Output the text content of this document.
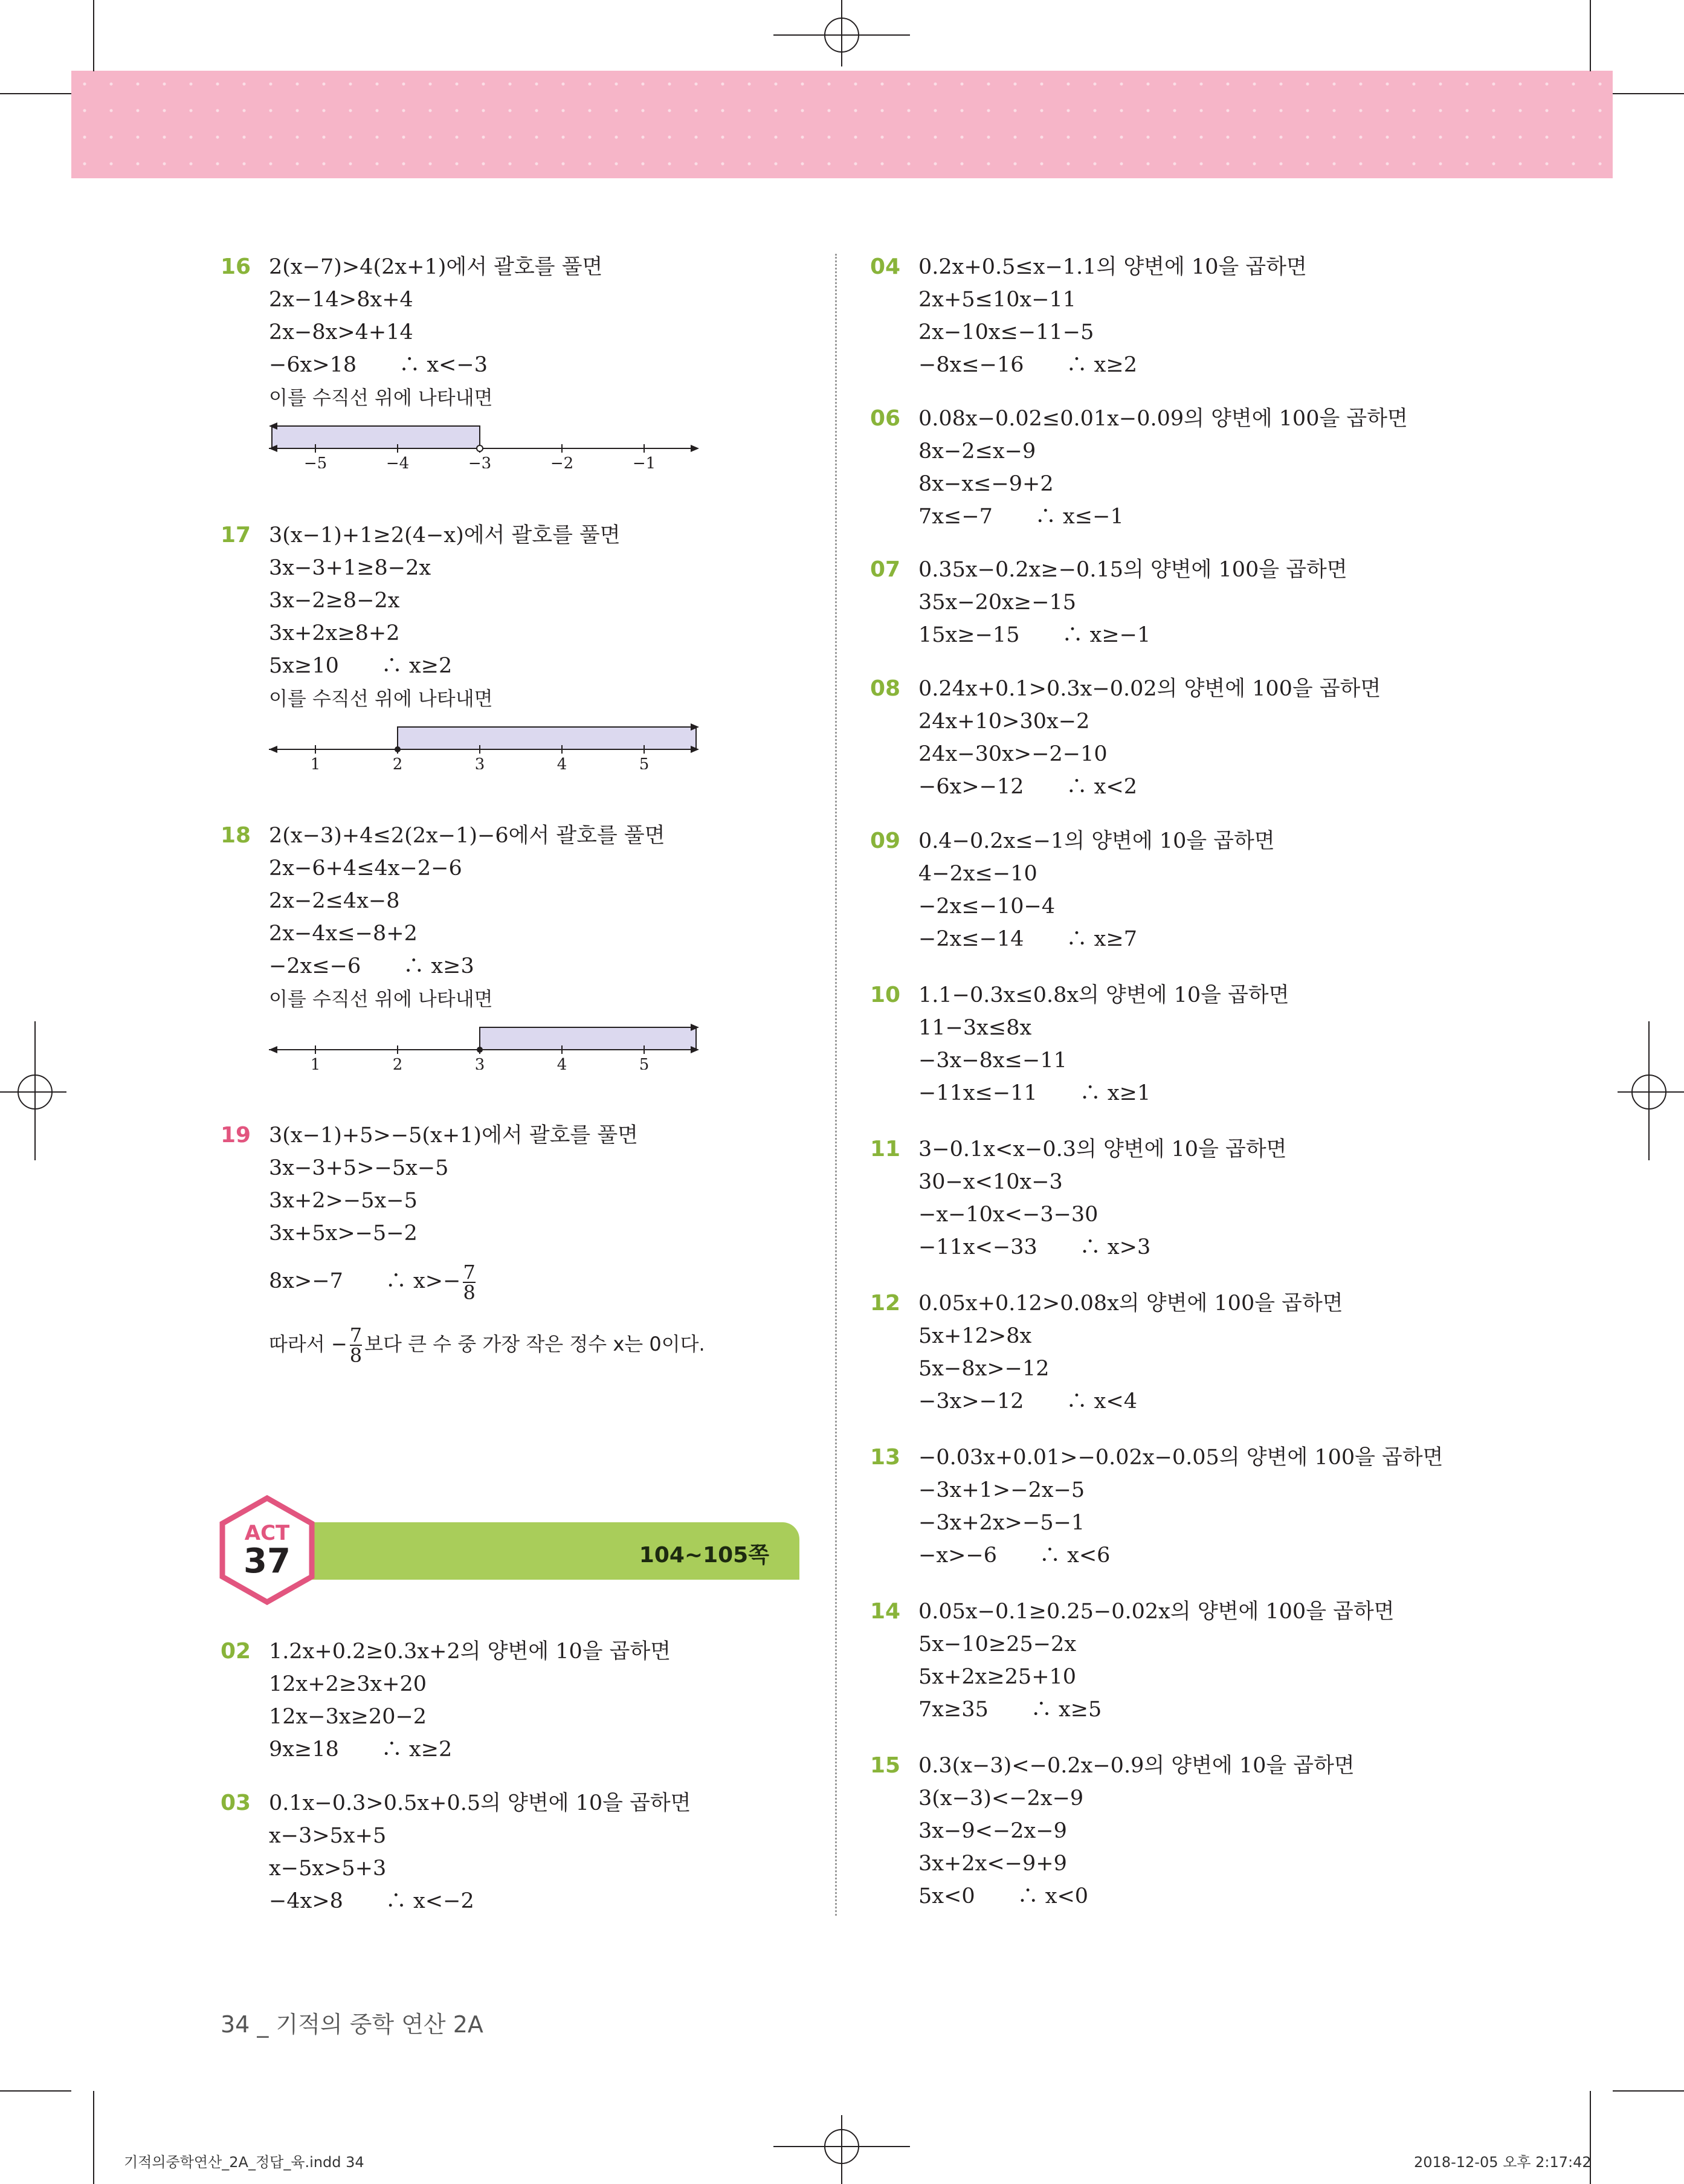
16 2(x−7)>4(2x+1)에서 괄호를 풀면
2x−14>8x+4
2x−8x>4+14
−6x>18　　∴ x<−3
이를 수직선 위에 나타내면
−5	−4	−3	−2	−1
17 3(x−1)+1≥2(4−x)에서 괄호를 풀면
3x−3+1≥8−2x
3x−2≥8−2x
3x+2x≥8+2
5x≥10　　∴ x≥2
이를 수직선 위에 나타내면
1	2	3	4	5
18 2(x−3)+4≤2(2x−1)−6에서 괄호를 풀면
2x−6+4≤4x−2−6
2x−2≤4x−8
2x−4x≤−8+2
−2x≤−6　　∴ x≥3
이를 수직선 위에 나타내면
1	2	3	4	5
19 3(x−1)+5>−5(x+1)에서 괄호를 풀면
3x−3+5>−5x−5
3x+2>−5x−5
3x+5x>−5−2
8x>−7　　∴ $x>- \frac{7}{8}$
따라서 − $\frac{7}{8}$ 보다 큰 수 중 가장 작은 정수 x는 0이다.
104~105쪽
ACT
37
02 1.2x+0.2≥0.3x+2의 양변에 10을 곱하면
12x+2≥3x+20
12x−3x≥20−2
9x≥18　　∴ x≥2
03 0.1x−0.3>0.5x+0.5의 양변에 10을 곱하면
x−3>5x+5
x−5x>5+3
−4x>8　　∴ x<−2
04 0.2x+0.5≤x−1.1의 양변에 10을 곱하면
2x+5≤10x−11
2x−10x≤−11−5
−8x≤−16　　∴ x≥2
06 0.08x−0.02≤0.01x−0.09의 양변에 100을 곱하면
8x−2≤x−9
8x−x≤−9+2
7x≤−7　　∴ x≤−1
07 0.35x−0.2x≥−0.15의 양변에 100을 곱하면
35x−20x≥−15
15x≥−15　　∴ x≥−1
08 0.24x+0.1>0.3x−0.02의 양변에 100을 곱하면
24x+10>30x−2
24x−30x>−2−10
−6x>−12　　∴ x<2
09 0.4−0.2x≤−1의 양변에 10을 곱하면
4−2x≤−10
−2x≤−10−4
−2x≤−14　　∴ x≥7
10 1.1−0.3x≤0.8x의 양변에 10을 곱하면
11−3x≤8x
−3x−8x≤−11
−11x≤−11　　∴ x≥1
11 3−0.1x<x−0.3의 양변에 10을 곱하면
30−x<10x−3
−x−10x<−3−30
−11x<−33　　∴ x>3
12 0.05x+0.12>0.08x의 양변에 100을 곱하면
5x+12>8x
5x−8x>−12
−3x>−12　　∴ x<4
13 −0.03x+0.01>−0.02x−0.05의 양변에 100을 곱하면
−3x+1>−2x−5
−3x+2x>−5−1
−x>−6　　∴ x<6
14 0.05x−0.1≥0.25−0.02x의 양변에 100을 곱하면
5x−10≥25−2x
5x+2x≥25+10
7x≥35　　∴ x≥5
15 0.3(x−3)<−0.2x−0.9의 양변에 10을 곱하면
3(x−3)<−2x−9
3x−9<−2x−9
3x+2x<−9+9
5x<0　　∴ x<0
34 _ 기적의 중학 연산 2A
기적의중학연산_2A_정답_육.indd 34	2018-12-05 오후 2:17:42
